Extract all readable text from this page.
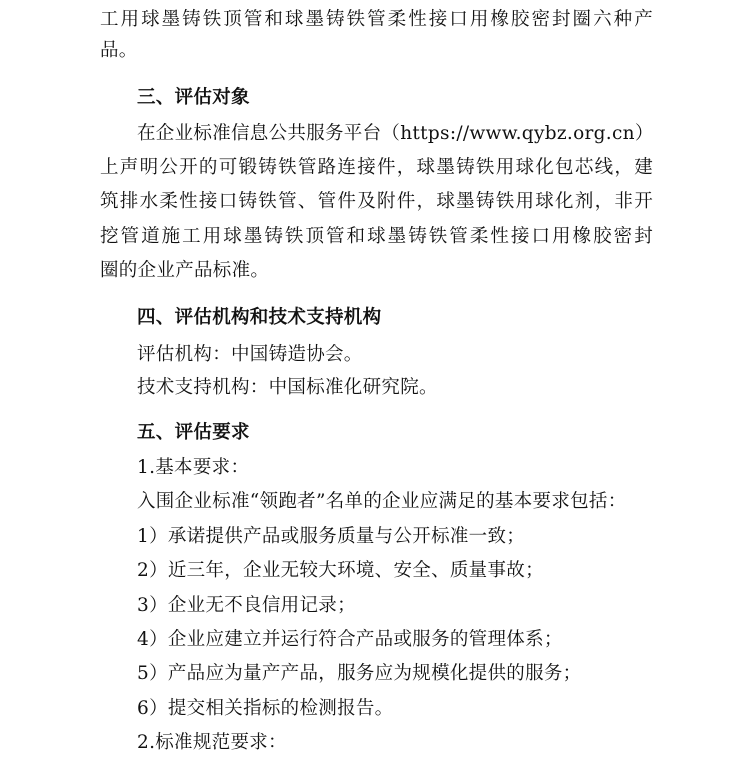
工用球墨铸铁顶管和球墨铸铁管柔性接口用橡胶密封圈六种产
品。
三、评估对象
在企业标准信息公共服务平台（https://www.qybz.org.cn）
上声明公开的可锻铸铁管路连接件，球墨铸铁用球化包芯线，建
筑排水柔性接口铸铁管、管件及附件，球墨铸铁用球化剂，非开
挖管道施工用球墨铸铁顶管和球墨铸铁管柔性接口用橡胶密封
圈的企业产品标准。
四、评估机构和技术支持机构
评估机构：中国铸造协会。
技术支持机构：中国标准化研究院。
五、评估要求
1.基本要求：
入围企业标准“领跑者”名单的企业应满足的基本要求包括：
1）承诺提供产品或服务质量与公开标准一致；
2）近三年，企业无较大环境、安全、质量事故；
3）企业无不良信用记录；
4）企业应建立并运行符合产品或服务的管理体系；
5）产品应为量产产品，服务应为规模化提供的服务；
6）提交相关指标的检测报告。
2.标准规范要求：
